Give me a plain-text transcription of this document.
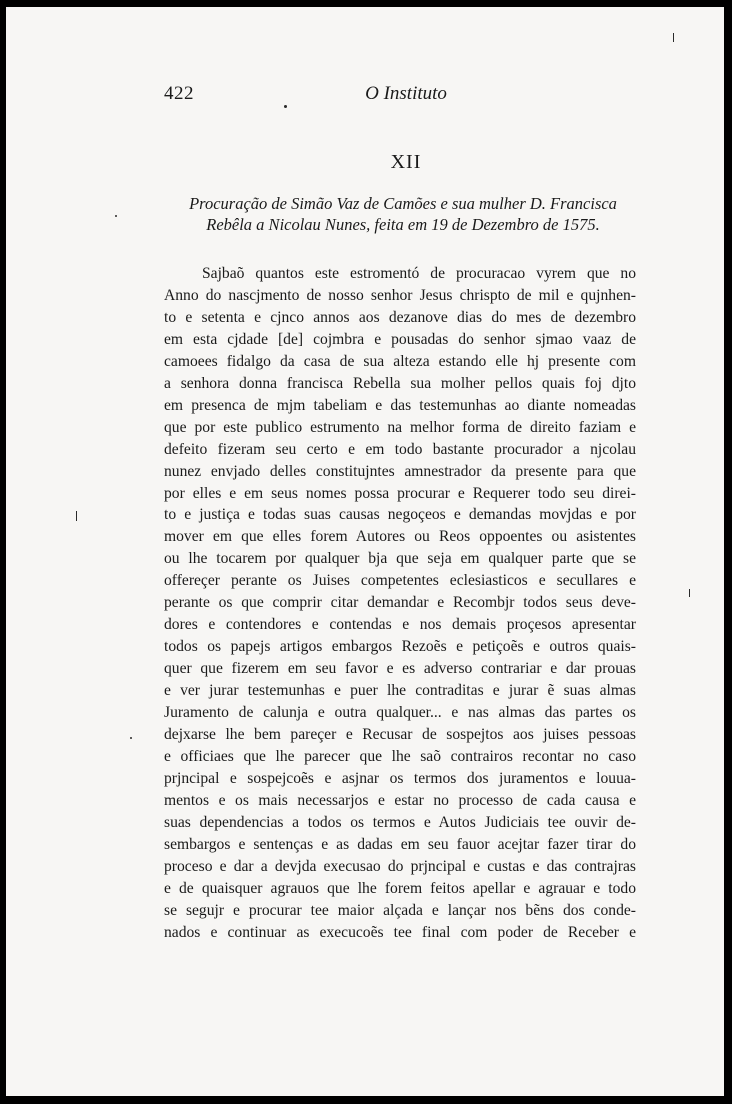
422	O Instituto
XII
Procuração de Simão Vaz de Camões e sua mulher D. Francisca
Rebêla a Nicolau Nunes, feita em 19 de Dezembro de 1575.
Sajbaõ quantos este estromentó de procuracao vyrem que no
Anno do nascjmento de nosso senhor Jesus chrispto de mil e qujnhen-
to e setenta e cjnco annos aos dezanove dias do mes de dezembro
em esta cjdade [de] cojmbra e pousadas do senhor sjmao vaaz de
camoees fidalgo da casa de sua alteza estando elle hj presente com
a senhora donna francisca Rebella sua molher pellos quais foj djto
em presenca de mjm tabeliam e das testemunhas ao diante nomeadas
que por este publico estrumento na melhor forma de direito faziam e
defeito fizeram seu certo e em todo bastante procurador a njcolau
nunez envjado delles constitujntes amnestrador da presente para que
por elles e em seus nomes possa procurar e Requerer todo seu direi-
to e justiça e todas suas causas negoçeos e demandas movjdas e por
mover em que elles forem Autores ou Reos oppoentes ou asistentes
ou lhe tocarem por qualquer bja que seja em qualquer parte que se
offereçer perante os Juises competentes eclesiasticos e secullares e
perante os que comprir citar demandar e Recombjr todos seus deve-
dores e contendores e contendas e nos demais proçesos apresentar
todos os papejs artigos embargos Rezoẽs e petiçoẽs e outros quais-
quer que fizerem em seu favor e es adverso contrariar e dar prouas
e ver jurar testemunhas e puer lhe contraditas e jurar ẽ suas almas
Juramento de calunja e outra qualquer... e nas almas das partes os
dejxarse lhe bem pareçer e Recusar de sospejtos aos juises pessoas
e officiaes que lhe parecer que lhe saõ contrairos recontar no caso
prjncipal e sospejcoẽs e asjnar os termos dos juramentos e louua-
mentos e os mais necessarjos e estar no processo de cada causa e
suas dependencias a todos os termos e Autos Judiciais tee ouvir de-
sembargos e sentenças e as dadas em seu fauor acejtar fazer tirar do
proceso e dar a devjda execusao do prjncipal e custas e das contrajras
e de quaisquer agrauos que lhe forem feitos apellar e agrauar e todo
se segujr e procurar tee maior alçada e lançar nos bẽns dos conde-
nados e continuar as execucoẽs tee final com poder de Receber e
